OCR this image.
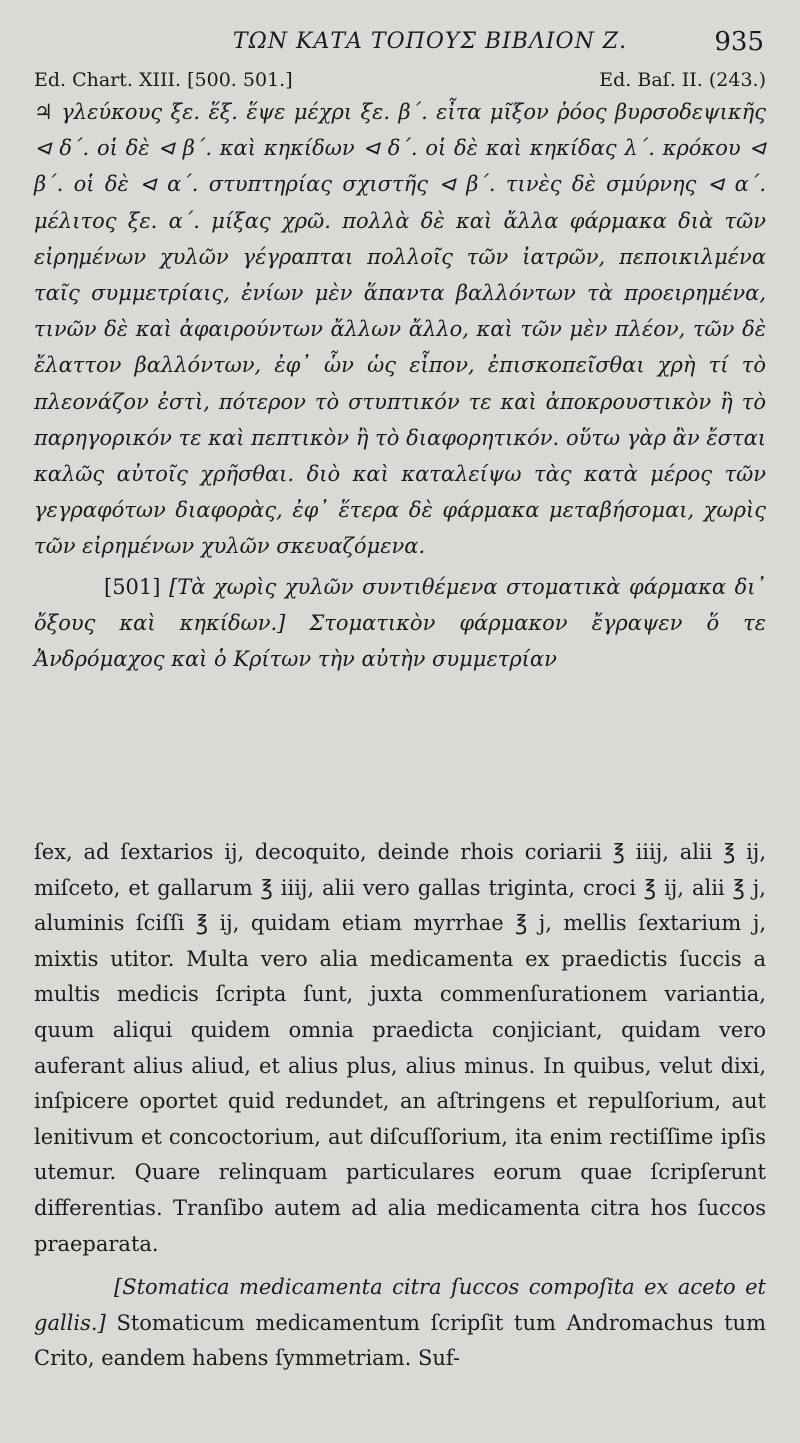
ΤΩΝ ΚΑΤΑ ΤΟΠΟΥΣ ΒΙΒΛΙΟΝ Ζ.	935
Ed. Chart. XIII. [500. 501.]	Ed. Baſ. II. (243.)

♃ γλεύκους ξε. ἕξ. ἕψε μέχρι ξε. β΄. εἶτα μῖξον ῥόος βυρσοδεψικῆς ⊲ δ΄. οἱ δὲ ⊲ β΄. καὶ κηκίδων ⊲ δ΄. οἱ δὲ καὶ κηκίδας λ΄. κρόκου ⊲ β΄. οἱ δὲ ⊲ α΄. στυπτηρίας σχιστῆς ⊲ β΄. τινὲς δὲ σμύρνης ⊲ α΄. μέλιτος ξε. α΄. μίξας χρῶ. πολλὰ δὲ καὶ ἄλλα φάρμακα διὰ τῶν εἰρημένων χυλῶν γέγραπται πολλοῖς τῶν ἰατρῶν, πεποικιλμένα ταῖς συμμετρίαις, ἐνίων μὲν ἅπαντα βαλλόντων τὰ προειρημένα, τινῶν δὲ καὶ ἀφαιρούντων ἄλλων ἄλλο, καὶ τῶν μὲν πλέον, τῶν δὲ ἔλαττον βαλλόντων, ἐφ᾽ ὧν ὡς εἶπον, ἐπισκοπεῖσθαι χρὴ τί τὸ πλεονάζον ἐστὶ, πότερον τὸ στυπτικόν τε καὶ ἀποκρουστικὸν ἢ τὸ παρηγορικόν τε καὶ πεπτικὸν ἢ τὸ διαφορητικόν. οὕτω γὰρ ἂν ἔσται καλῶς αὐτοῖς χρῆσθαι. διὸ καὶ καταλείψω τὰς κατὰ μέρος τῶν γεγραφότων διαφορὰς, ἐφ᾽ ἕτερα δὲ φάρμακα μεταβήσομαι, χωρὶς τῶν εἰρημένων χυλῶν σκευαζόμενα.

[501] [Τὰ χωρὶς χυλῶν συντιθέμενα στοματικὰ φάρμακα δι᾽ ὄξους καὶ κηκίδων.] Στοματικὸν φάρμακον ἔγραψεν ὅ τε Ἀνδρόμαχος καὶ ὁ Κρίτων τὴν αὐτὴν συμμετρίαν

ſex, ad ſextarios ij, decoquito, deinde rhois coriarii ℥ iiij, alii ℥ ij, miſceto, et gallarum ℥ iiij, alii vero gallas triginta, croci ℥ ij, alii ℥ j, aluminis ſciſſi ℥ ij, quidam etiam myrrhae ℥ j, mellis ſextarium j, mixtis utitor. Multa vero alia medicamenta ex praedictis ſuccis a multis medicis ſcripta ſunt, juxta commenſurationem variantia, quum aliqui quidem omnia praedicta conjiciant, quidam vero auferant alius aliud, et alius plus, alius minus. In quibus, velut dixi, inſpicere oportet quid redundet, an aſtringens et repulſorium, aut lenitivum et concoctorium, aut diſcuſſorium, ita enim rectiſſime ipſis utemur. Quare relinquam particulares eorum quae ſcripſerunt differentias. Tranſibo autem ad alia medicamenta citra hos ſuccos praeparata.

[Stomatica medicamenta citra ſuccos compoſita ex aceto et gallis.] Stomaticum medicamentum ſcripſit tum Andromachus tum Crito, eandem habens ſymmetriam. Suf-
